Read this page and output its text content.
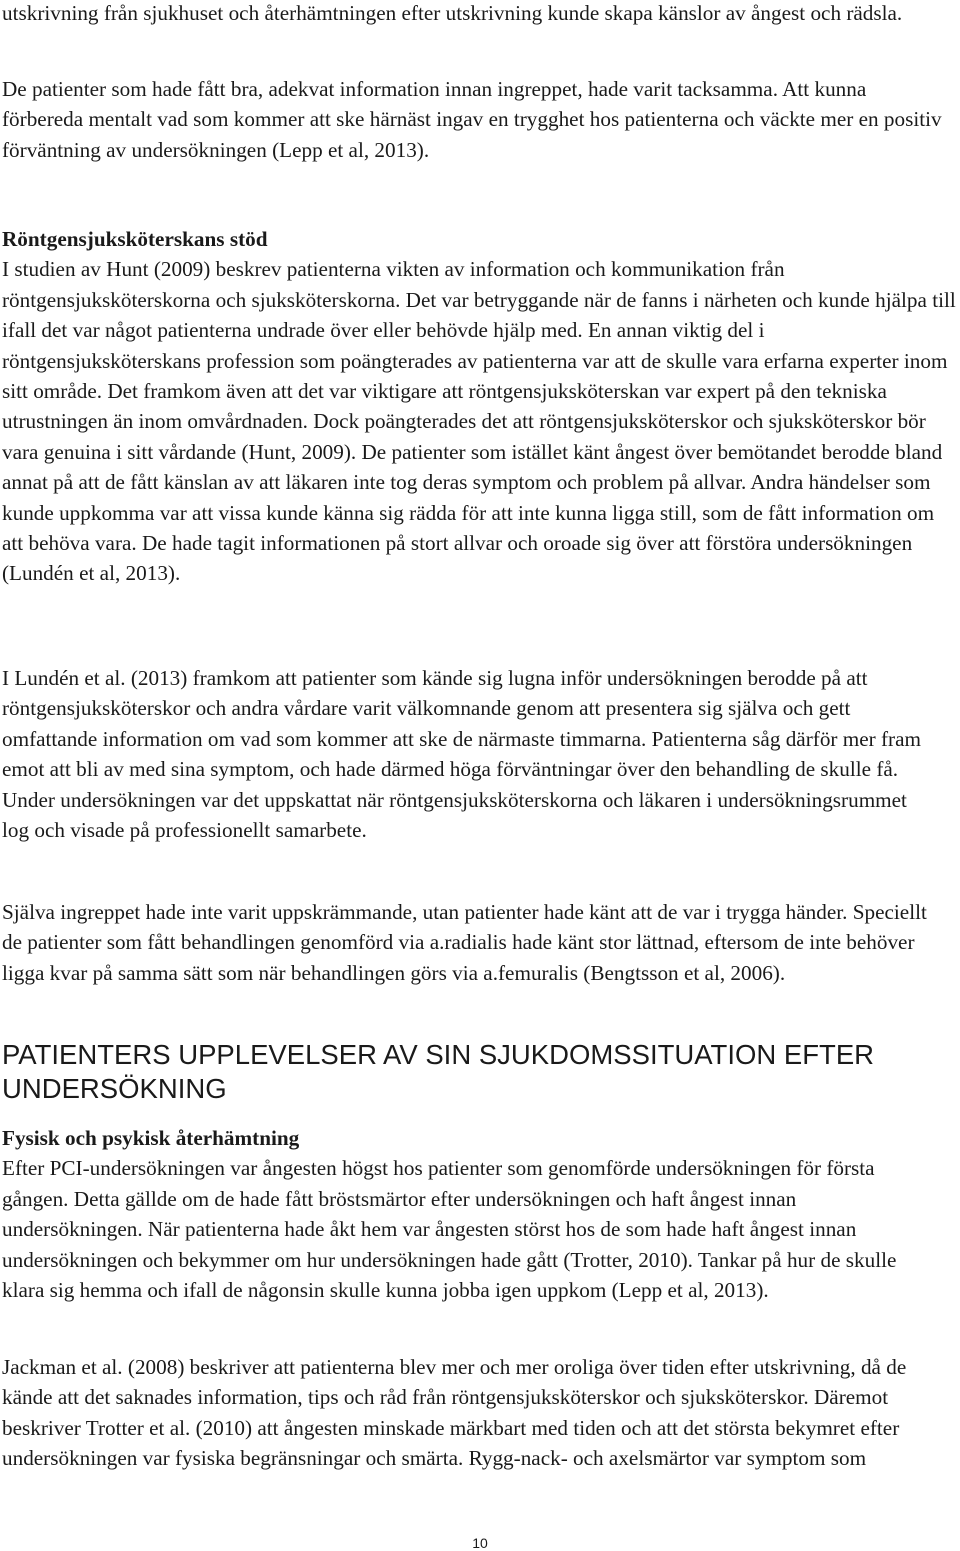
utskrivning från sjukhuset och återhämtningen efter utskrivning kunde skapa känslor av ångest och rädsla.

De patienter som hade fått bra, adekvat information innan ingreppet, hade varit tacksamma. Att kunna förbereda mentalt vad som kommer att ske härnäst ingav en trygghet hos patienterna och väckte mer en positiv förväntning av undersökningen (Lepp et al, 2013).

Röntgensjuksköterskans stöd

I studien av Hunt (2009) beskrev patienterna vikten av information och kommunikation från röntgensjuksköterskorna och sjuksköterskorna. Det var betryggande när de fanns i närheten och kunde hjälpa till ifall det var något patienterna undrade över eller behövde hjälp med. En annan viktig del i röntgensjuksköterskans profession som poängterades av patienterna var att de skulle vara erfarna experter inom sitt område. Det framkom även att det var viktigare att röntgensjuksköterskan var expert på den tekniska utrustningen än inom omvårdnaden. Dock poängterades det att röntgensjuksköterskor och sjuksköterskor bör vara genuina i sitt vårdande (Hunt, 2009). De patienter som istället känt ångest över bemötandet berodde bland annat på att de fått känslan av att läkaren inte tog deras symptom och problem på allvar. Andra händelser som kunde uppkomma var att vissa kunde känna sig rädda för att inte kunna ligga still, som de fått information om att behöva vara. De hade tagit informationen på stort allvar och oroade sig över att förstöra undersökningen (Lundén et al, 2013).

I Lundén et al. (2013) framkom att patienter som kände sig lugna inför undersökningen berodde på att röntgensjuksköterskor och andra vårdare varit välkomnande genom att presentera sig själva och gett omfattande information om vad som kommer att ske de närmaste timmarna. Patienterna såg därför mer fram emot att bli av med sina symptom, och hade därmed höga förväntningar över den behandling de skulle få. Under undersökningen var det uppskattat när röntgensjuksköterskorna och läkaren i undersökningsrummet log och visade på professionellt samarbete.

Själva ingreppet hade inte varit uppskrämmande, utan patienter hade känt att de var i trygga händer. Speciellt de patienter som fått behandlingen genomförd via a.radialis hade känt stor lättnad, eftersom de inte behöver ligga kvar på samma sätt som när behandlingen görs via a.femuralis (Bengtsson et al, 2006).

PATIENTERS UPPLEVELSER AV SIN SJUKDOMSSITUATION EFTER UNDERSÖKNING

Fysisk och psykisk återhämtning

Efter PCI-undersökningen var ångesten högst hos patienter som genomförde undersökningen för första gången. Detta gällde om de hade fått bröstsmärtor efter undersökningen och haft ångest innan undersökningen. När patienterna hade åkt hem var ångesten störst hos de som hade haft ångest innan undersökningen och bekymmer om hur undersökningen hade gått (Trotter, 2010). Tankar på hur de skulle klara sig hemma och ifall de någonsin skulle kunna jobba igen uppkom (Lepp et al, 2013).

Jackman et al. (2008) beskriver att patienterna blev mer och mer oroliga över tiden efter utskrivning, då de kände att det saknades information, tips och råd från röntgensjuksköterskor och sjuksköterskor. Däremot beskriver Trotter et al. (2010) att ångesten minskade märkbart med tiden och att det största bekymret efter undersökningen var fysiska begränsningar och smärta. Rygg-nack- och axelsmärtor var symptom som

10
